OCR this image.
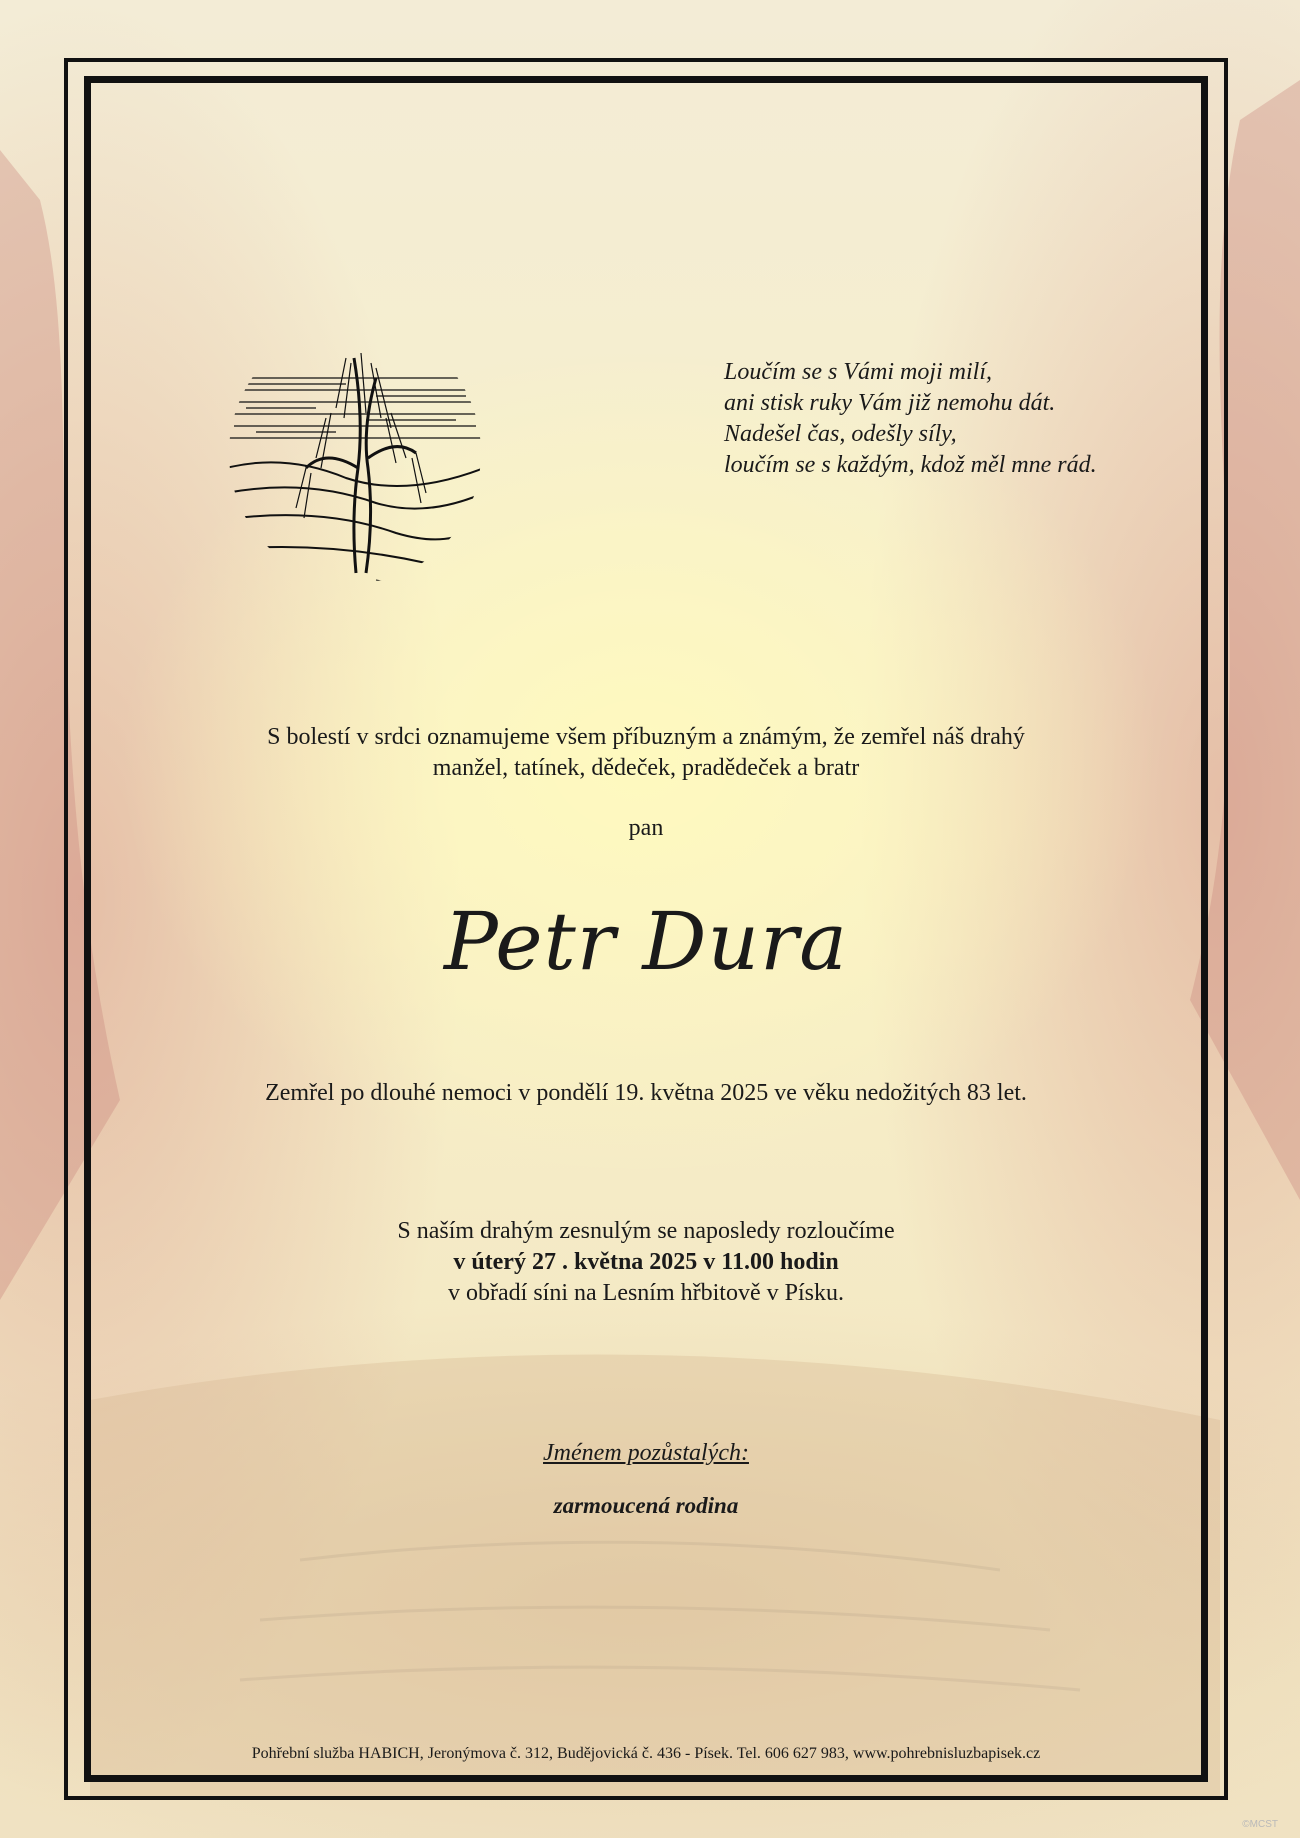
Loučím se s Vámi moji milí,
ani stisk ruky Vám již nemohu dát.
Nadešel čas, odešly síly,
loučím se s každým, kdož měl mne rád.
S bolestí v srdci oznamujeme všem příbuzným a známým, že zemřel náš drahý
manžel, tatínek, dědeček, pradědeček a bratr
pan
Petr Dura
Zemřel po dlouhé nemoci v pondělí 19. května 2025 ve věku nedožitých 83 let.
S naším drahým zesnulým se naposledy rozloučíme
v úterý 27 . května 2025 v 11.00 hodin
v obřadí síni na Lesním hřbitově v Písku.
Jménem pozůstalých:
zarmoucená rodina
Pohřební služba HABICH, Jeronýmova č. 312, Budějovická č. 436 - Písek. Tel. 606 627 983, www.pohrebnisluzbapisek.cz
©MCST
